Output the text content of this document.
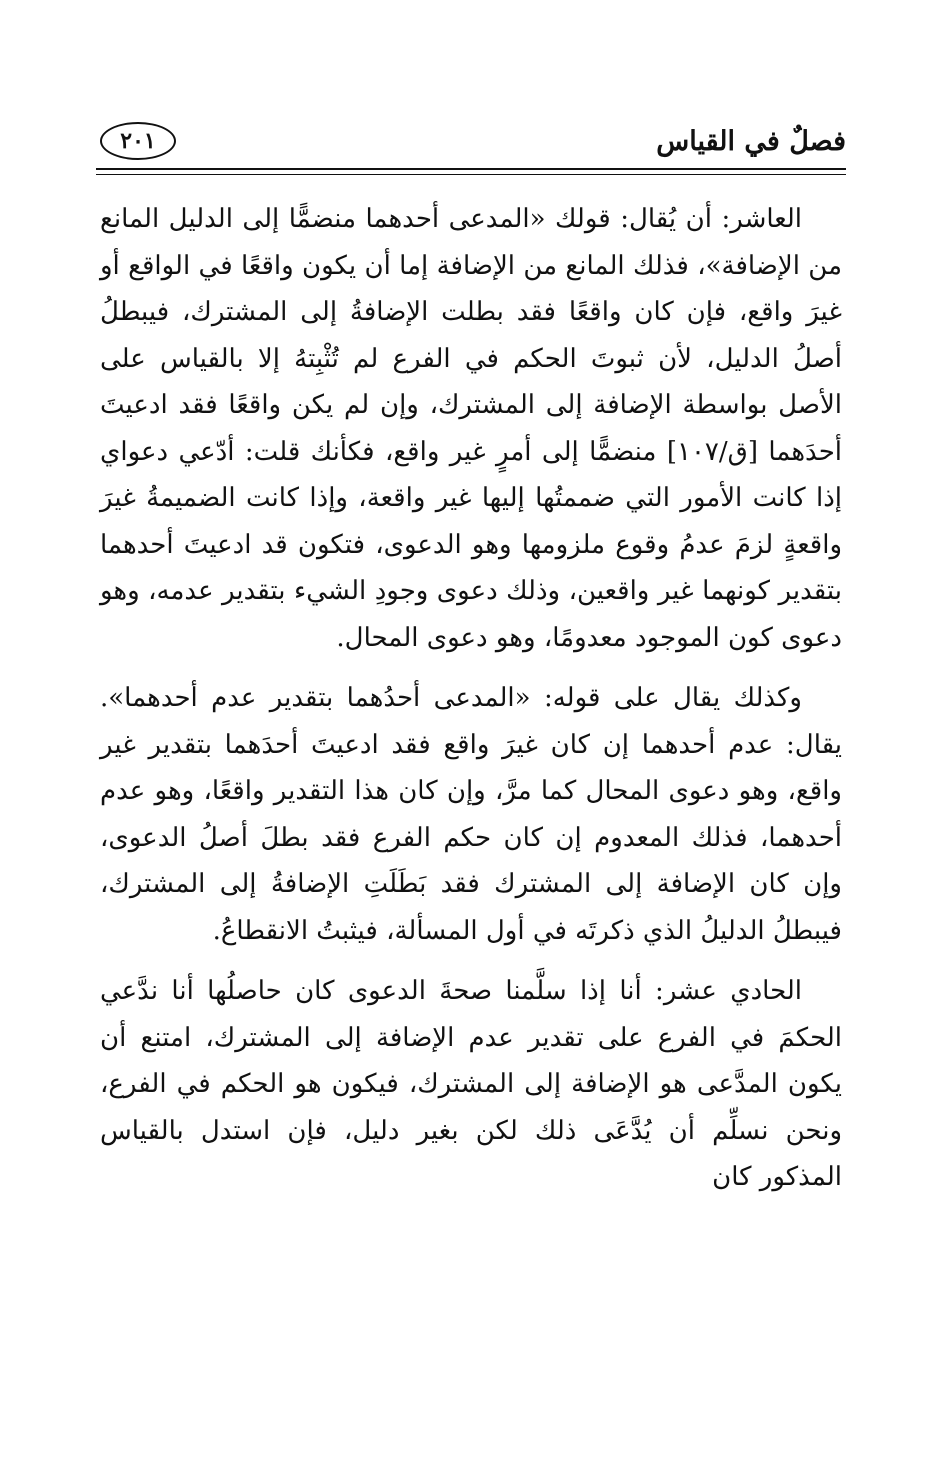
فصلٌ في القياس
٢٠١

العاشر: أن يُقال: قولك «المدعى أحدهما منضمًّا إلى الدليل المانع من الإضافة»، فذلك المانع من الإضافة إما أن يكون واقعًا في الواقع أو غيرَ واقع، فإن كان واقعًا فقد بطلت الإضافةُ إلى المشترك، فيبطلُ أصلُ الدليل، لأن ثبوتَ الحكم في الفرع لم تُثْبِتهُ إلا بالقياس على الأصل بواسطة الإضافة إلى المشترك، وإن لم يكن واقعًا فقد ادعيتَ أحدَهما [ق/١٠٧] منضمًّا إلى أمرٍ غير واقع، فكأنك قلت: أدّعي دعواي إذا كانت الأمور التي ضممتُها إليها غير واقعة، وإذا كانت الضميمةُ غيرَ واقعةٍ لزمَ عدمُ وقوع ملزومها وهو الدعوى، فتكون قد ادعيتَ أحدهما بتقدير كونهما غير واقعين، وذلك دعوى وجودِ الشيء بتقدير عدمه، وهو دعوى كون الموجود معدومًا، وهو دعوى المحال.

وكذلك يقال على قوله: «المدعى أحدُهما بتقدير عدم أحدهما». يقال: عدم أحدهما إن كان غيرَ واقع فقد ادعيتَ أحدَهما بتقدير غير واقع، وهو دعوى المحال كما مرَّ، وإن كان هذا التقدير واقعًا، وهو عدم أحدهما، فذلك المعدوم إن كان حكم الفرع فقد بطلَ أصلُ الدعوى، وإن كان الإضافة إلى المشترك فقد بَطَلَتِ الإضافةُ إلى المشترك، فيبطلُ الدليلُ الذي ذكرتَه في أول المسألة، فيثبتُ الانقطاعُ.

الحادي عشر: أنا إذا سلَّمنا صحةَ الدعوى كان حاصلُها أنا ندَّعي الحكمَ في الفرع على تقدير عدم الإضافة إلى المشترك، امتنع أن يكون المدَّعى هو الإضافة إلى المشترك، فيكون هو الحكم في الفرع، ونحن نسلِّم أن يُدَّعَى ذلك لكن بغير دليل، فإن استدل بالقياس المذكور كان
